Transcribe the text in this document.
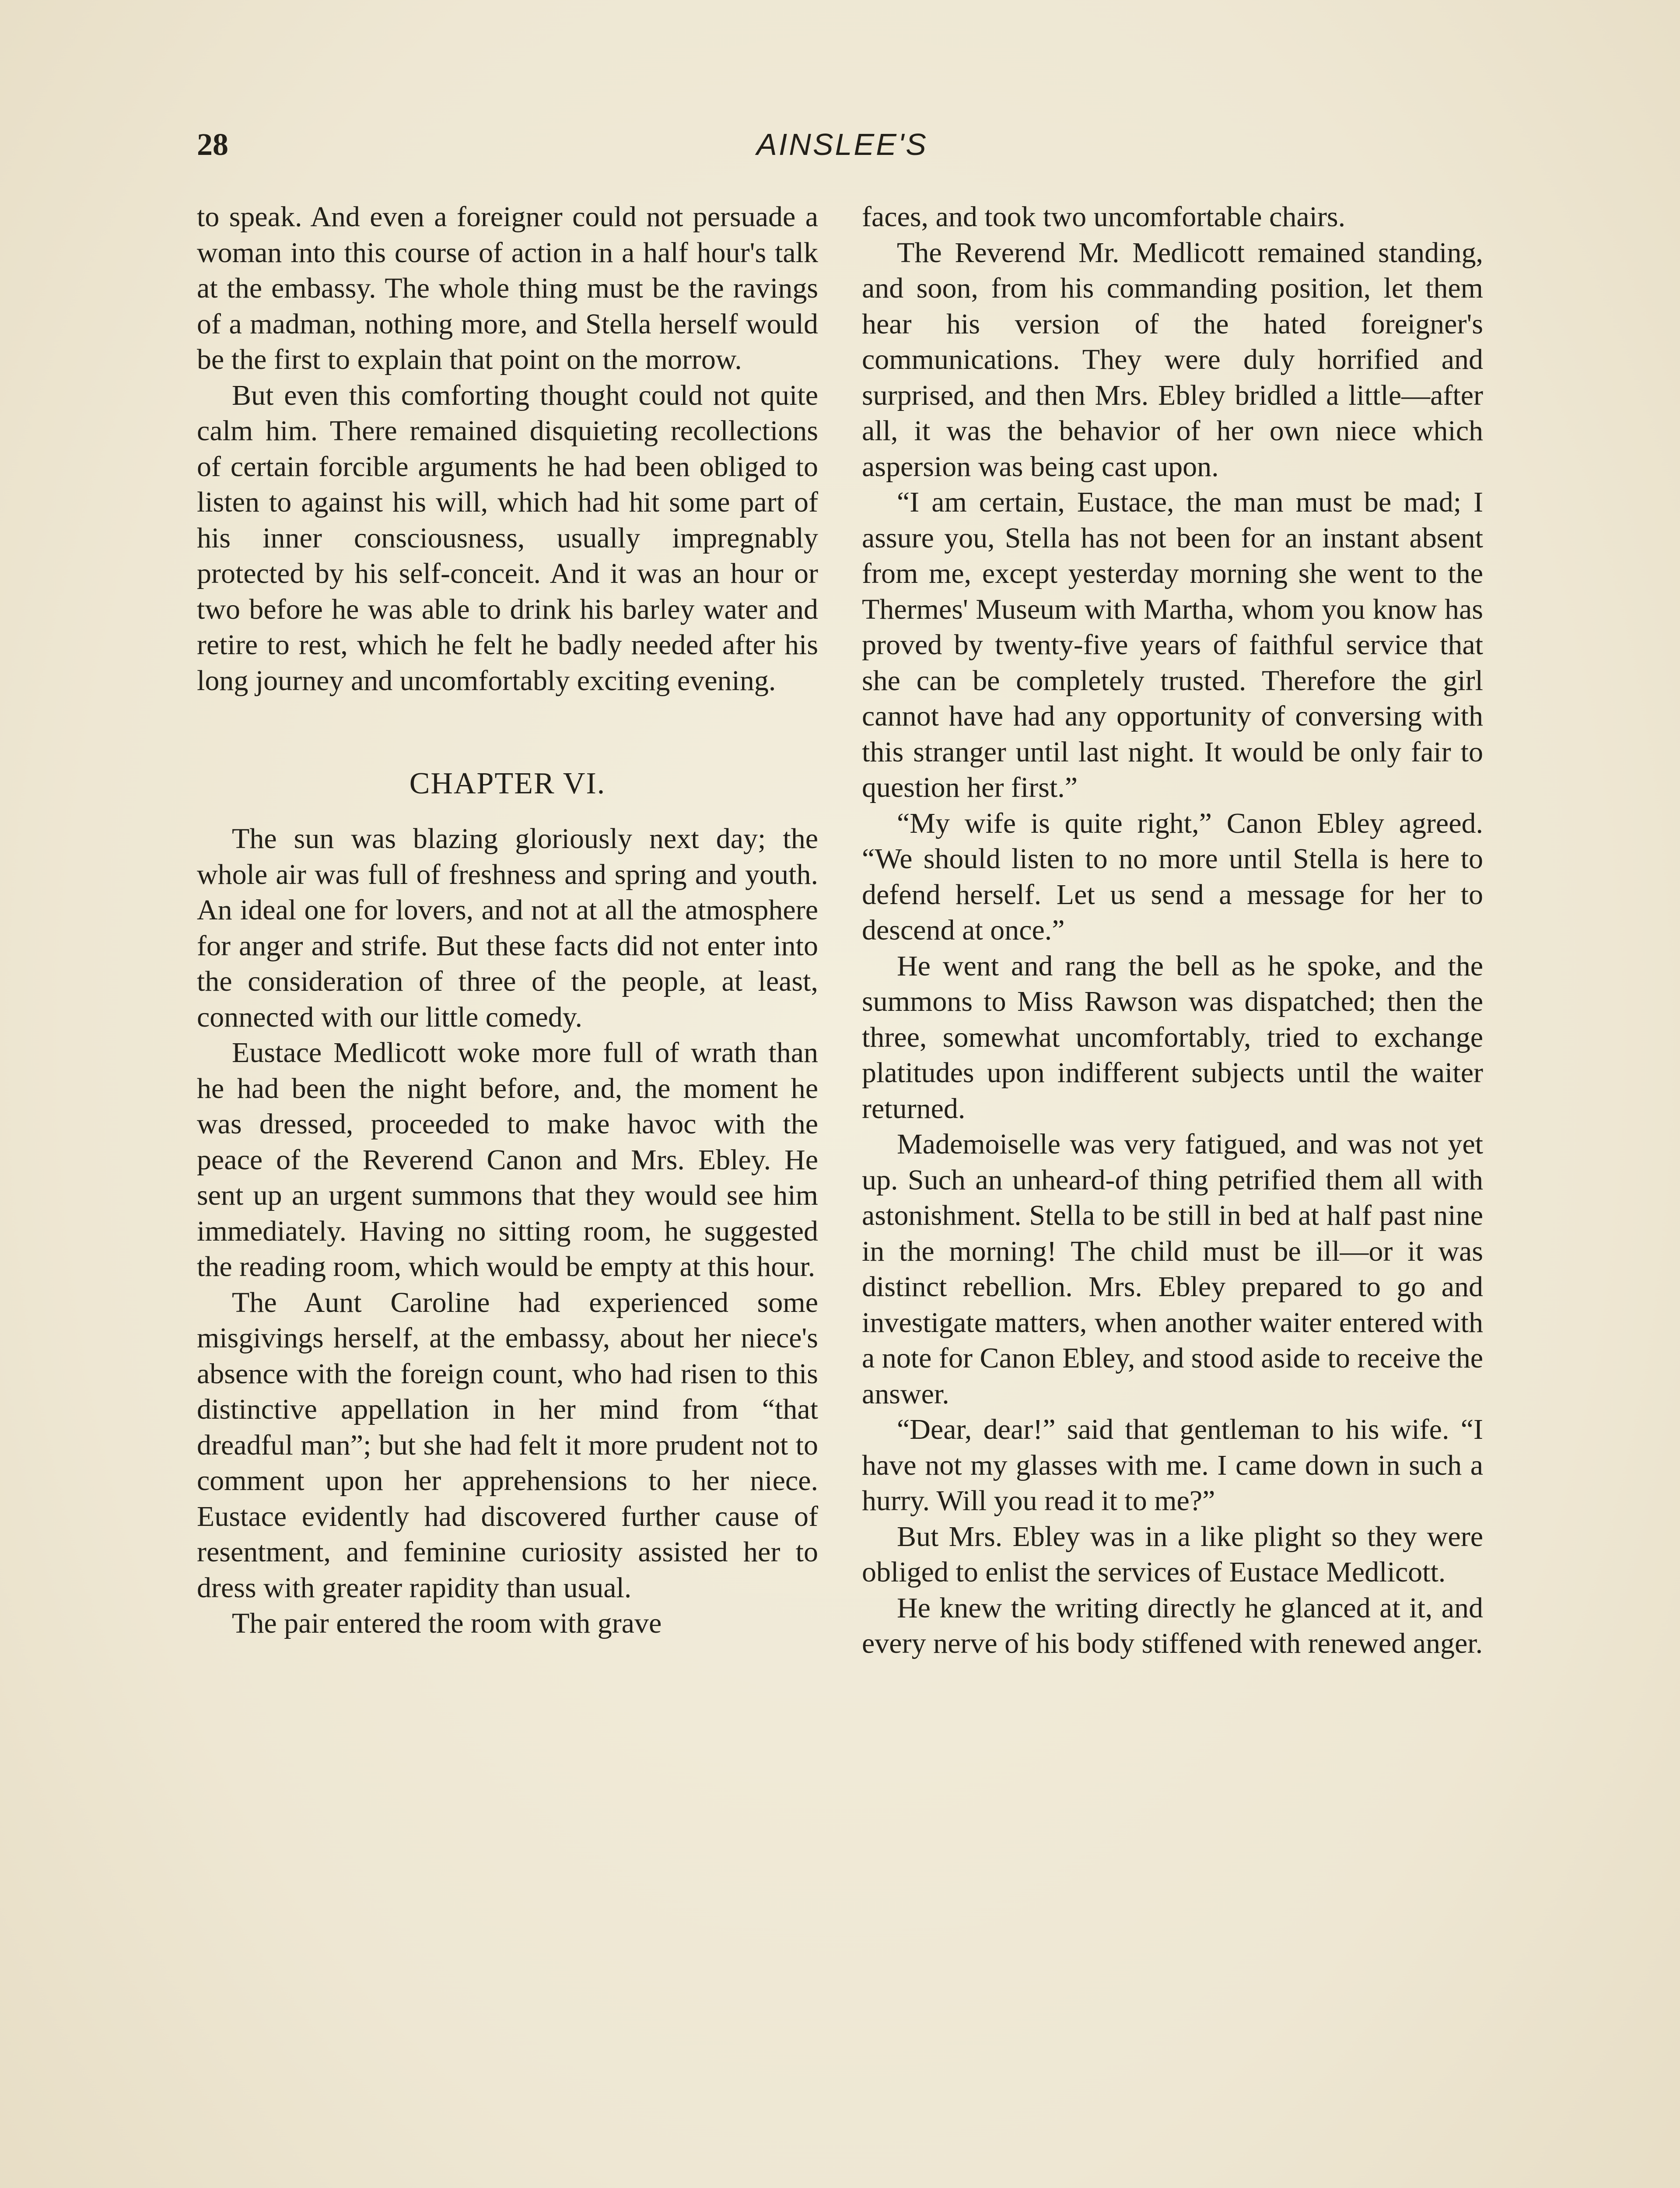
28	AINSLEE'S

to speak. And even a foreigner could not persuade a woman into this course of action in a half hour's talk at the embassy. The whole thing must be the ravings of a madman, nothing more, and Stella herself would be the first to explain that point on the morrow.

But even this comforting thought could not quite calm him. There remained disquieting recollections of certain forcible arguments he had been obliged to listen to against his will, which had hit some part of his inner consciousness, usually impregnably protected by his self-conceit. And it was an hour or two before he was able to drink his barley water and retire to rest, which he felt he badly needed after his long journey and uncomfortably exciting evening.

CHAPTER VI.

The sun was blazing gloriously next day; the whole air was full of freshness and spring and youth. An ideal one for lovers, and not at all the atmosphere for anger and strife. But these facts did not enter into the consideration of three of the people, at least, connected with our little comedy.

Eustace Medlicott woke more full of wrath than he had been the night before, and, the moment he was dressed, proceeded to make havoc with the peace of the Reverend Canon and Mrs. Ebley. He sent up an urgent summons that they would see him immediately. Having no sitting room, he suggested the reading room, which would be empty at this hour.

The Aunt Caroline had experienced some misgivings herself, at the embassy, about her niece's absence with the foreign count, who had risen to this distinctive appellation in her mind from “that dreadful man”; but she had felt it more prudent not to comment upon her apprehensions to her niece. Eustace evidently had discovered further cause of resentment, and feminine curiosity assisted her to dress with greater rapidity than usual.

The pair entered the room with grave

faces, and took two uncomfortable chairs.

The Reverend Mr. Medlicott remained standing, and soon, from his commanding position, let them hear his version of the hated foreigner's communications. They were duly horrified and surprised, and then Mrs. Ebley bridled a little—after all, it was the behavior of her own niece which aspersion was being cast upon.

“I am certain, Eustace, the man must be mad; I assure you, Stella has not been for an instant absent from me, except yesterday morning she went to the Thermes' Museum with Martha, whom you know has proved by twenty-five years of faithful service that she can be completely trusted. Therefore the girl cannot have had any opportunity of conversing with this stranger until last night. It would be only fair to question her first.”

“My wife is quite right,” Canon Ebley agreed. “We should listen to no more until Stella is here to defend herself. Let us send a message for her to descend at once.”

He went and rang the bell as he spoke, and the summons to Miss Rawson was dispatched; then the three, somewhat uncomfortably, tried to exchange platitudes upon indifferent subjects until the waiter returned.

Mademoiselle was very fatigued, and was not yet up. Such an unheard-of thing petrified them all with astonishment. Stella to be still in bed at half past nine in the morning! The child must be ill—or it was distinct rebellion. Mrs. Ebley prepared to go and investigate matters, when another waiter entered with a note for Canon Ebley, and stood aside to receive the answer.

“Dear, dear!” said that gentleman to his wife. “I have not my glasses with me. I came down in such a hurry. Will you read it to me?”

But Mrs. Ebley was in a like plight so they were obliged to enlist the services of Eustace Medlicott.

He knew the writing directly he glanced at it, and every nerve of his body stiffened with renewed anger.
